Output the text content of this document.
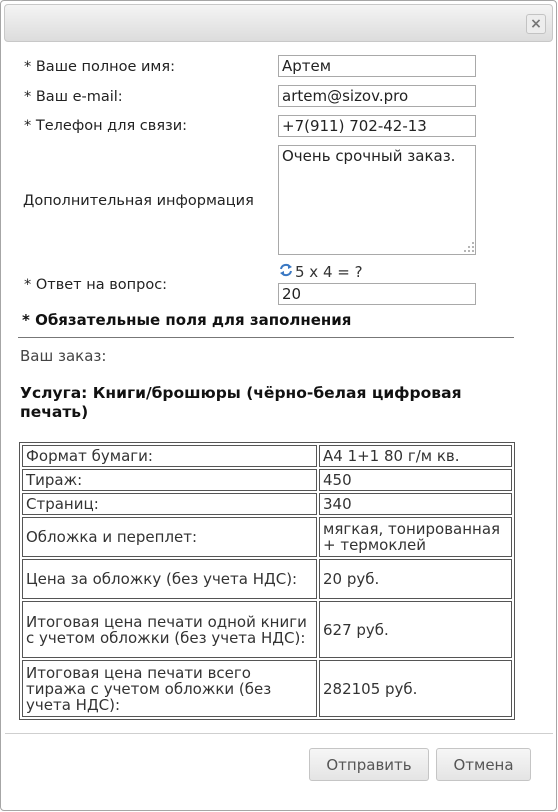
×
* Ваше полное имя:
Артем
* Ваш e-mail:
artem@sizov.pro
* Телефон для связи:
+7(911) 702-42-13
Дополнительная информация
Очень срочный заказ.
5 x 4 = ?
* Ответ на вопрос:
20
* Обязательные поля для заполнения
Ваш заказ:
Услуга: Книги/брошюры (чёрно-белая цифровая печать)
Формат бумаги:	А4 1+1 80 г/м кв.
Тираж:	450
Страниц:	340
Обложка и переплет:	мягкая, тонированная + термоклей
Цена за обложку (без учета НДС):	20 руб.
Итоговая цена печати одной книги с учетом обложки (без учета НДС):	627 руб.
Итоговая цена печати всего тиража с учетом обложки (без учета НДС):	282105 руб.
Отправить	Отмена
